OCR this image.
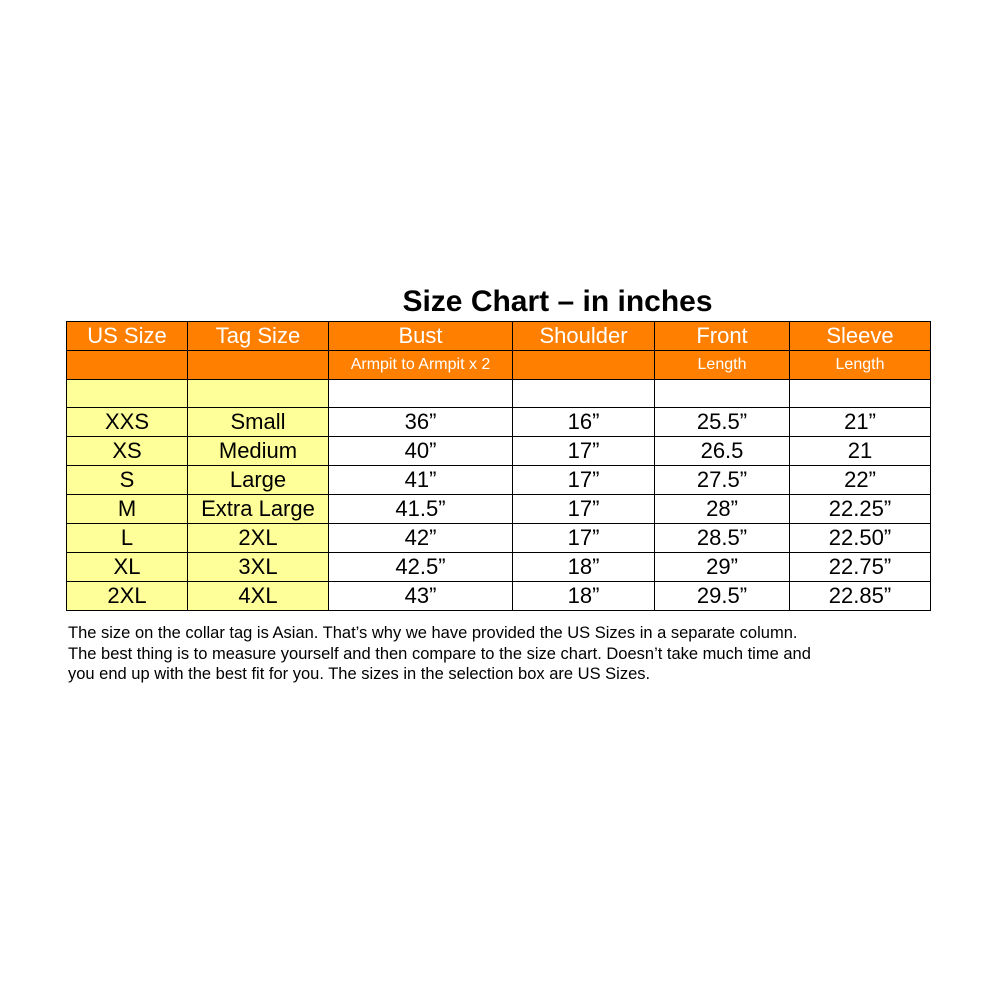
Size Chart – in inches
US Size	Tag Size	Bust	Shoulder	Front	Sleeve
		Armpit to Armpit x 2		Length	Length

XXS	Small	36”	16”	25.5”	21”
XS	Medium	40”	17”	26.5	21
S	Large	41”	17”	27.5”	22”
M	Extra Large	41.5”	17”	28”	22.25”
L	2XL	42”	17”	28.5”	22.50”
XL	3XL	42.5”	18”	29”	22.75”
2XL	4XL	43”	18”	29.5”	22.85”

The size on the collar tag is Asian. That’s why we have provided the US Sizes in a separate column.

The best thing is to measure yourself and then compare to the size chart. Doesn’t take much time and

you end up with the best fit for you. The sizes in the selection box are US Sizes.
